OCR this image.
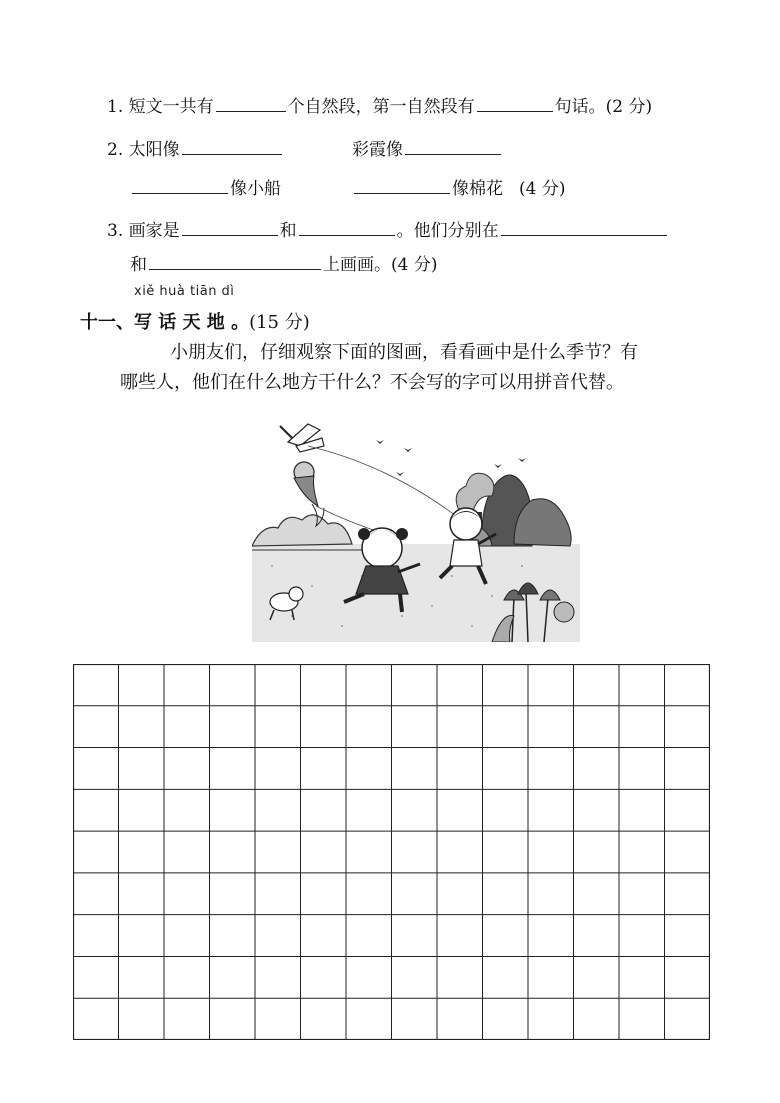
1. 短文一共有	个自然段，第一自然段有	句话。(2 分)
2. 太阳像	彩霞像
像小船	像棉花 (4 分)
3. 画家是	和	。他们分别在
和	上画画。(4 分)
xiě huà tiān dì
十一、写 话 天 地 。(15 分)

小朋友们，仔细观察下面的图画，看看画中是什么季节？有

哪些人，他们在什么地方干什么？不会写的字可以用拼音代替。
